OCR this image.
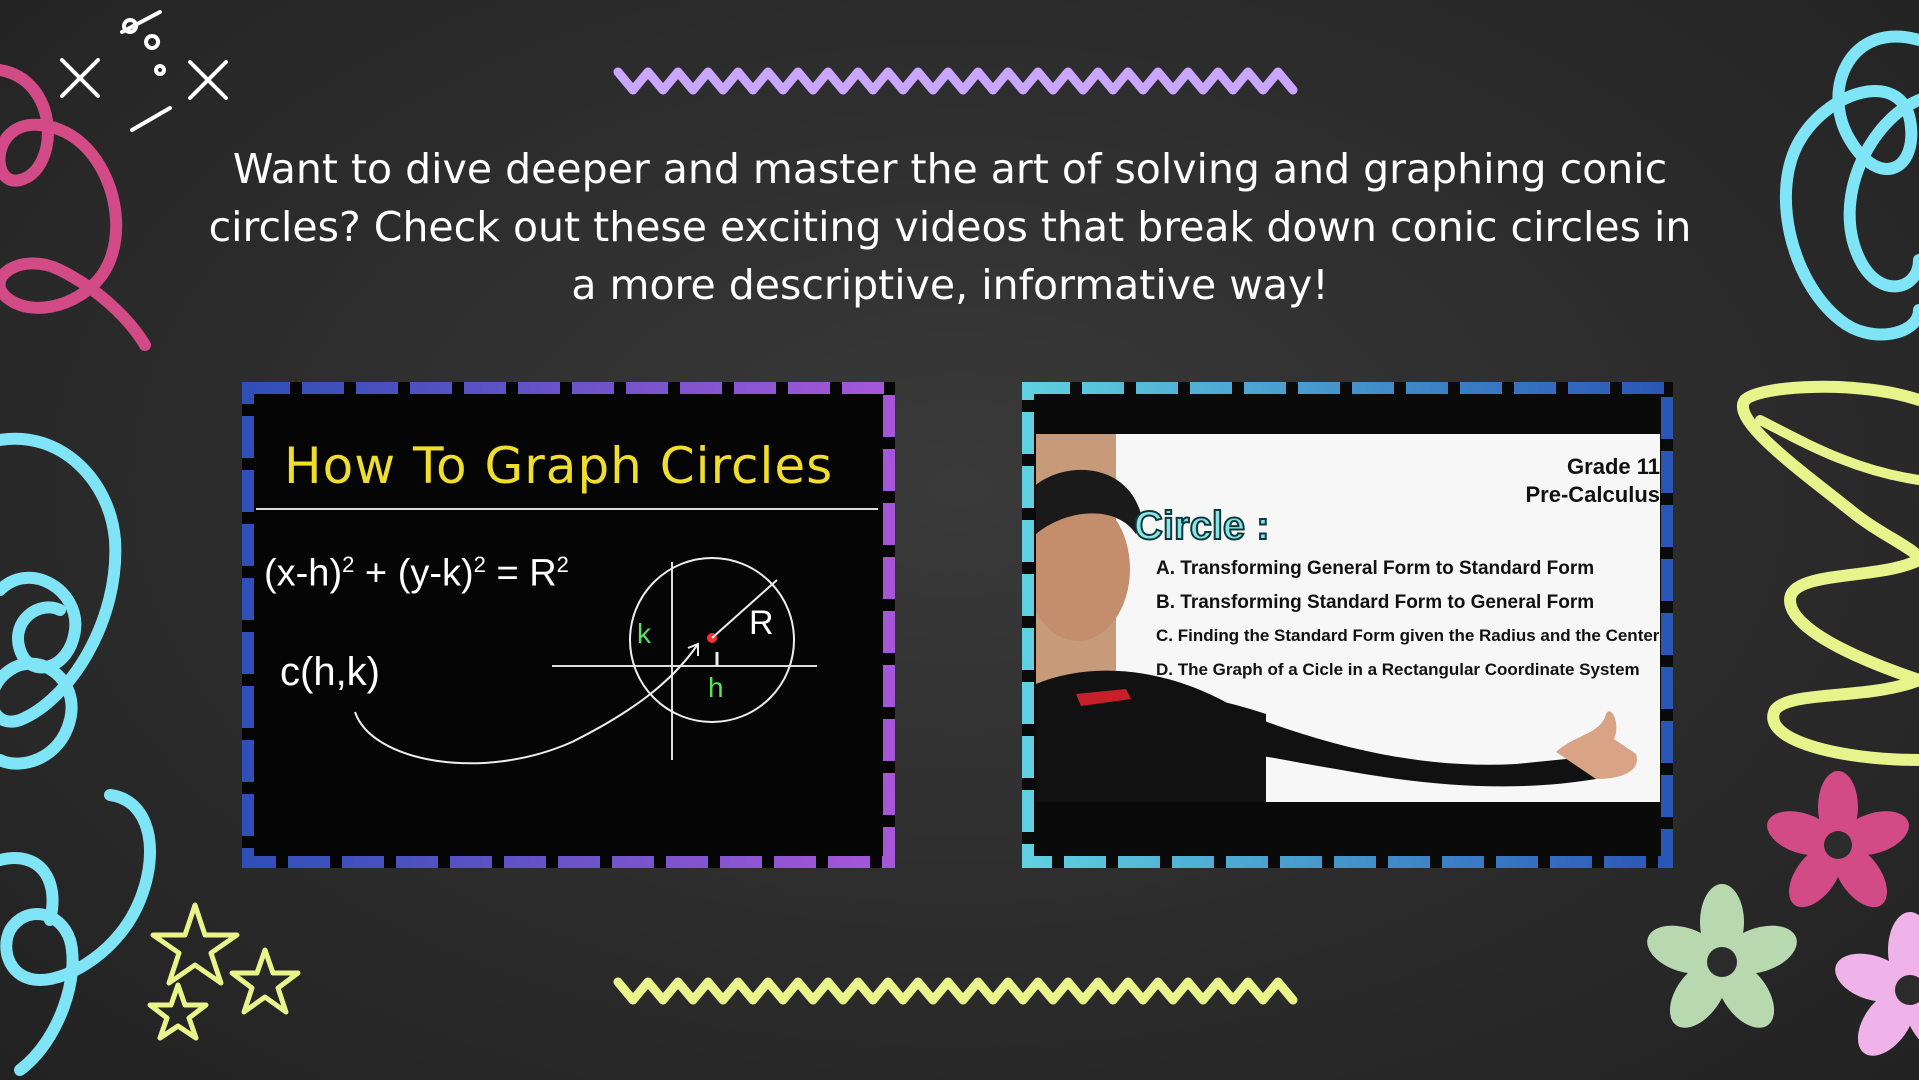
Want to dive deeper and master the art of solving and graphing conic circles? Check out these exciting videos that break down conic circles in a more descriptive, informative way!
How To Graph Circles
$(x-h)^2 + (y-k)^2 = R^2$
c(h,k)
k
h
R
Grade 11
Pre-Calculus
Circle :
A. Transforming General Form to Standard Form
B. Transforming Standard Form to General Form
C. Finding the Standard Form given the Radius and the Center
D. The Graph of a Cicle in a Rectangular Coordinate System
